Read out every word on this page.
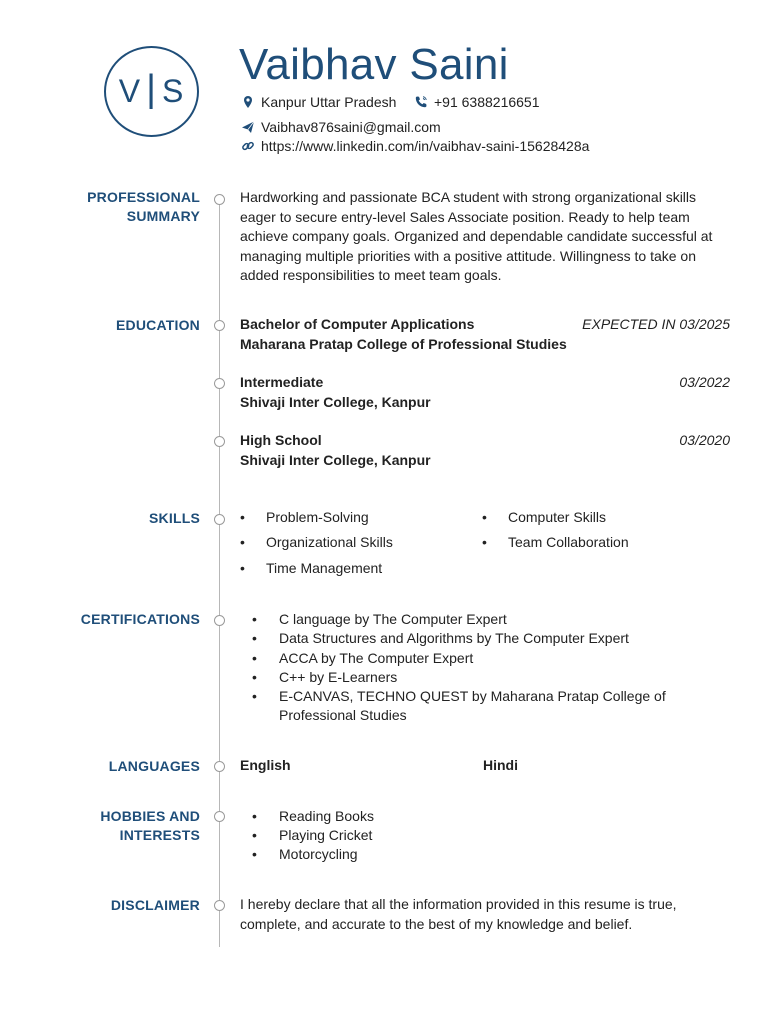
V | S
Vaibhav Saini
Kanpur Uttar Pradesh	+91 6388216651
Vaibhav876saini@gmail.com
https://www.linkedin.com/in/vaibhav-saini-15628428a
PROFESSIONAL
SUMMARY

Hardworking and passionate BCA student with strong organizational skills eager to secure entry-level Sales Associate position. Ready to help team achieve company goals. Organized and dependable candidate successful at managing multiple priorities with a positive attitude. Willingness to take on added responsibilities to meet team goals.

EDUCATION	Bachelor of Computer Applications	EXPECTED IN 03/2025
Maharana Pratap College of Professional Studies
Intermediate	03/2022
Shivaji Inter College, Kanpur
High School	03/2020
Shivaji Inter College, Kanpur
SKILLS	• Problem-Solving	• Computer Skills
• Organizational Skills	• Team Collaboration
• Time Management
CERTIFICATIONS	• C language by The Computer Expert
• Data Structures and Algorithms by The Computer Expert
• ACCA by The Computer Expert
• C++ by E-Learners
• E-CANVAS, TECHNO QUEST by Maharana Pratap College of Professional Studies
LANGUAGES	English	Hindi
HOBBIES AND
INTERESTS
• Reading Books
• Playing Cricket
• Motorcycling
DISCLAIMER	I hereby declare that all the information provided in this resume is true, complete, and accurate to the best of my knowledge and belief.
